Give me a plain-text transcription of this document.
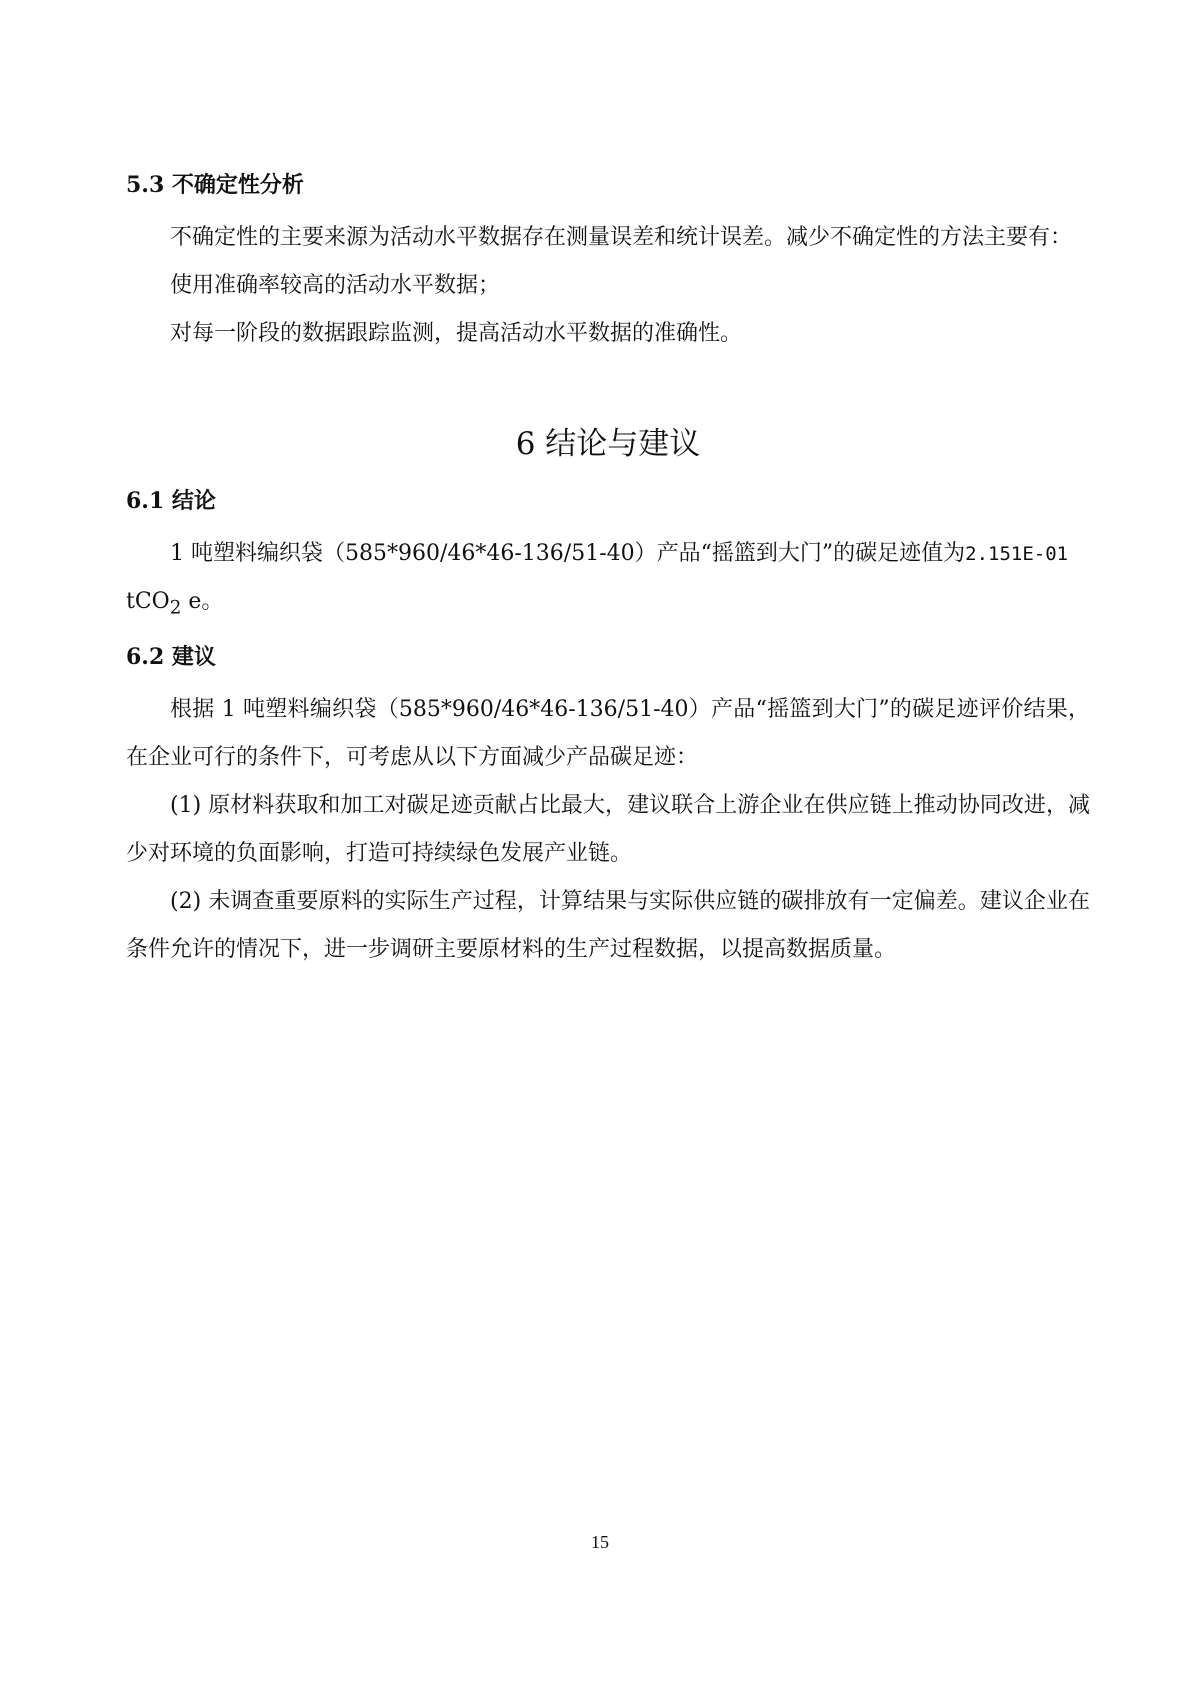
5.3 不确定性分析

不确定性的主要来源为活动水平数据存在测量误差和统计误差。减少不确定性的方法主要有：

使用准确率较高的活动水平数据；

对每一阶段的数据跟踪监测，提高活动水平数据的准确性。

6 结论与建议
6.1 结论

1 吨塑料编织袋（585*960/46*46-136/51-40）产品“摇篮到大门”的碳足迹值为2.151E-01
tCO$_2$ e。

6.2 建议

根据 1 吨塑料编织袋（585*960/46*46-136/51-40）产品“摇篮到大门”的碳足迹评价结果，在企业可行的条件下，可考虑从以下方面减少产品碳足迹：

(1) 原材料获取和加工对碳足迹贡献占比最大，建议联合上游企业在供应链上推动协同改进，减少对环境的负面影响，打造可持续绿色发展产业链。

(2) 未调查重要原料的实际生产过程，计算结果与实际供应链的碳排放有一定偏差。建议企业在条件允许的情况下，进一步调研主要原材料的生产过程数据，以提高数据质量。

15
